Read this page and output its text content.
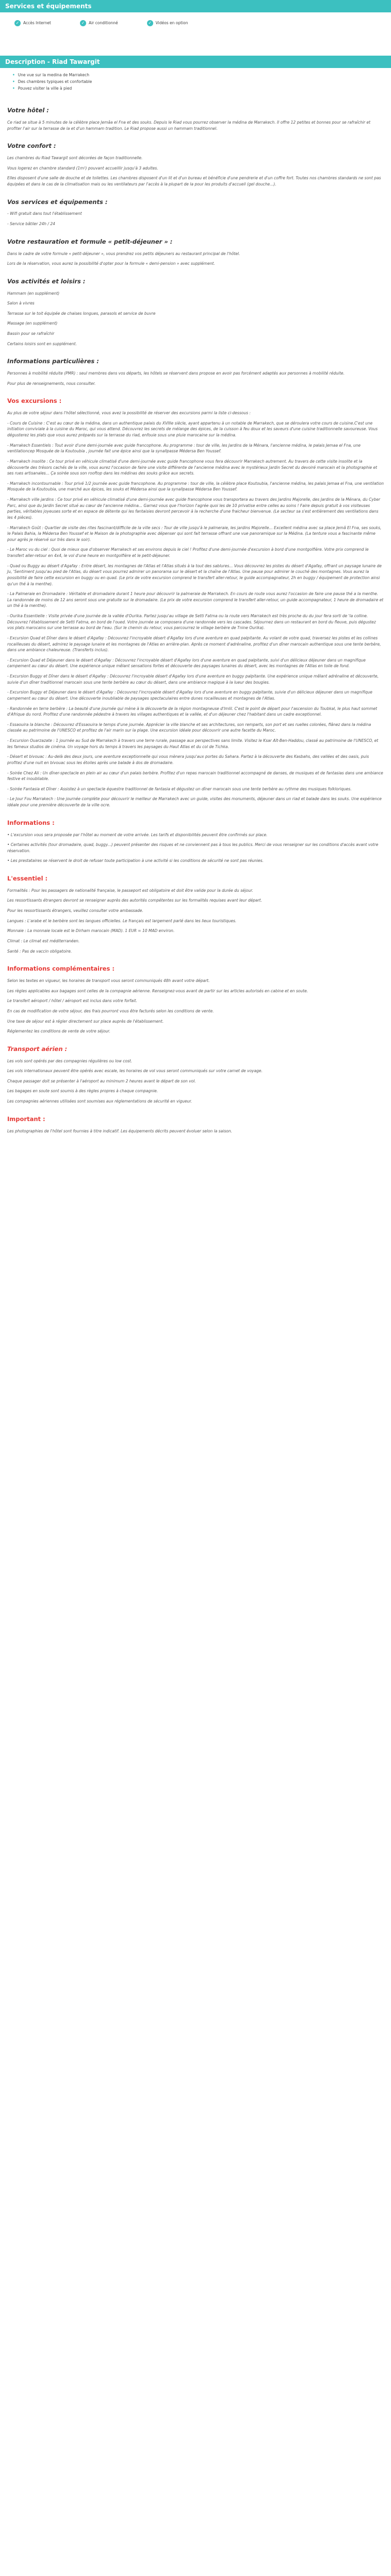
Services et équipements
✓	Accès Internet	✓	Air conditionné	✓	Vidéos en option
Description - Riad Tawargit
• Une vue sur la medina de Marrakech
• Des chambres typiques et confortable
• Pouvez visiter la ville à pied
Votre hôtel :

Ce riad se situe à 5 minutes de la célèbre place Jemâa el Fna et des souks. Depuis le Riad vous pourrez observer la médina de Marrakech. Il offre 12 petites et bonnes pour se rafraîchir et profiter l'air sur la terrasse de la et d'un hammam tradition. Le Riad propose aussi un hammam traditionnel.

Votre confort :

Les chambres du Riad Tawargit sont décorées de façon traditionnelle.

Vous logerez en chambre standard (1m²) pouvant accueillir jusqu'à 3 adultes.

Elles disposent d'une salle de douche et de toilettes. Les chambres disposent d'un lit et d'un bureau et bénéficie d'une pendrerie et d'un coffre fort. Toutes nos chambres standards ne sont pas équipées et dans le cas de la climatisation mais ou les ventilateurs par l'accès à la plupart de la pour les produits d'accueil (gel douche...).

Vos services et équipements :

- Wifi gratuit dans tout l'établissement

- Service bâtiler 24h / 24

Votre restauration et formule « petit-déjeuner » :

Dans le cadre de votre formule « petit-déjeuner », vous prendrez vos petits déjeuners au restaurant principal de l'hôtel.

Lors de la réservation, vous aurez la possibilité d'opter pour la formule « demi-pension » avec supplément.

Vos activités et loisirs :

Hammam (en supplément)

Salon à vivres

Terrasse sur le toit équipée de chaises longues, parasols et service de buvre

Massage (en supplément)

Bassin pour se rafraîchir

Certains loisirs sont en supplément.

Informations particulières :

Personnes à mobilité réduite (PMR) : seul membres dans vos départs, les hôtels se réservent dans propose en avoir pas forcément adaptés aux personnes à mobilité réduite.

Pour plus de renseignements, nous consulter.

Vos excursions :

Au plus de votre séjour dans l'hôtel sélectionné, vous avez la possibilité de réserver des excursions parmi la liste ci-dessous :

- Cours de Cuisine : C'est au cœur de la médina, dans un authentique palais du XVIIIe siècle, ayant appartenu à un notable de Marrakech, que se déroulera votre cours de cuisine.C'est une initiation conviviale à la cuisine du Maroc, qui vous attend. Découvrez les secrets de mélange des épices, de la cuisson à feu doux et les saveurs d'une cuisine traditionnelle savoureuse. Vous dégusterez les plats que vous aurez préparés sur la terrasse du riad, enfouie sous une pluie marocaine sur la médina.

- Marrakech Essentiels : Tout avoir d'une demi-journée avec guide francophone. Au programme : tour de ville, les Jardins de la Ménara, l'ancienne médina, le palais Jemaa el Fna, une ventilationcep Mosquée de la Koutoubia , journée fait une épice ainsi que la synallpasse Médersa Ben Youssef.

- Marrakech insolite : Ce tour privé en véhicule climatisé d'une demi-journée avec guide francophone vous fera découvrir Marrakech autrement. Au travers de cette visite insolite et la découverte des trésors cachés de la ville, vous aurez l'occasion de faire une visite différente de l'ancienne médina avec le mystérieux Jardin Secret du devoiré marocain et la photographie et ses rues artisanales... Ça soirée sous son rooftop dans les médinas des souks grâce aux secrets.

- Marrakech incontournable : Tour privé 1/2 journée avec guide francophone. Au programme : tour de ville, la célèbre place Koutoubia, l'ancienne médina, les palais Jemaa el Fna, une ventilation Mosquée de la Koutoubia, une marché aux épices, les souks et Médersa ainsi que la synallpasse Médersa Ben Youssef.

- Marrakech ville jardins : Ce tour privé en véhicule climatisé d'une demi-journée avec guide francophone vous transportera au travers des Jardins Majorelle, des Jardins de la Ménara, du Cyber Parc, ainsi que du Jardin Secret situé au cœur de l'ancienne médina... Garnez vous que l'horizon l'agrée quoi les de 10 privatise entre celles au soins ! Faire depuis gratuit à vos visiteuses parties, véritables joyeuses sorte et en espace de détente qui les fantaisies devront percevoir à la recherche d'une fraicheur bienvenue. (Le secteur sa s'est entièrement des ventilations dans les 4 pièces).

- Marrakech Goût : Quartier de visite des rites fascinant/difficile de la ville secs : Tour de ville jusqu'à le palmeraie, les jardins Majorelle... Excellent médina avec sa place Jemâ El Fna, ses souks, le Palais Bahia, la Médersa Ben Youssef et le Maison de la photographie avec dépenser qui sont fait terrasse offrant une vue panoramique sur la Médina. (La tenture vous a fascinante même pour agrès je réservé sur très dans le soir).

- Le Maroc vu du ciel : Quoi de mieux que d'observer Marrakech et ses environs depuis le ciel ! Profitez d'une demi-journée d'excursion à bord d'une montgolfière. Votre prix comprend le transfert aller-retour en 4x4, le vol d'une heure en montgolfière et le petit-déjeuner.

- Quad ou Buggy au désert d'Agafay : Entre désert, les montagnes de l'Atlas et l'Atlas situés à la tout des sablures... Vous découvrez les pistes du désert d'Agafay, offrant un paysage lunaire de Ju, 'Sentiment jusqu'au pied de l'Atlas, du désert vous pourrez admirer un panorama sur le désert et la chaîne de l'Atlas. Une pause pour admirer le couché des montagnes. Vous aurez la possibilité de faire cette excursion en buggy ou en quad. (Le prix de votre excursion comprend le transfert aller-retour, le guide accompagnateur, 2h en buggy / équipement de protection ainsi qu'un thé à la menthe).

- La Palmeraie en Dromadaire : Véritable et dromadaire durant 1 heure pour découvrir la palmeraie de Marrakech. En cours de route vous aurez l'occasion de faire une pause thé a la menthe. La randonnée de moins de 12 ans seront sous une gratuite sur le dromadaire. (Le prix de votre excursion comprend le transfert aller-retour, un guide accompagnateur, 1 heure de dromadaire et un thé à la menthe).

- Ourika Essentielle : Visite privée d'une journée de la vallée d'Ourika. Partez jusqu'au village de Setti Fatma ou la route vers Marrakech est très proche du du jour fera sorti de 'la colline. Découvrez l'établissement de Setti Fatma, en bord de l'oued. Votre journée se composera d'une randonnée vers les cascades. Séjournez dans un restaurant en bord du fleuve, puis dégustez vos plats marocains sur une terrasse au bord de l'eau. (Sur le chemin du retour, vous parcourrez le village berbère de Tnine Ourika).

- Excursion Quad et Dîner dans le désert d'Agafay : Découvrez l'incroyable désert d'Agafay lors d'une aventure en quad palpitante. Au volant de votre quad, traversez les pistes et les collines rocailleuses du désert, admirez le paysage lunaire et les montagnes de l'Atlas en arrière-plan. Après ce moment d'adrénaline, profitez d'un dîner marocain authentique sous une tente berbère, dans une ambiance chaleureuse. (Transferts inclus).

- Excursion Quad et Déjeuner dans le désert d'Agafay : Découvrez l'incroyable désert d'Agafay lors d'une aventure en quad palpitante, suivi d'un délicieux déjeuner dans un magnifique campement au cœur du désert. Une expérience unique mêlant sensations fortes et découverte des paysages lunaires du désert, avec les montagnes de l'Atlas en toile de fond.

- Excursion Buggy et Dîner dans le désert d'Agafay : Découvrez l'incroyable désert d'Agafay lors d'une aventure en buggy palpitante. Une expérience unique mêlant adrénaline et découverte, suivie d'un dîner traditionnel marocain sous une tente berbère au cœur du désert, dans une ambiance magique à la lueur des bougies.

- Excursion Buggy et Déjeuner dans le désert d'Agafay : Découvrez l'incroyable désert d'Agafay lors d'une aventure en buggy palpitante, suivie d'un délicieux déjeuner dans un magnifique campement au cœur du désert. Une découverte inoubliable de paysages spectaculaires entre dunes rocailleuses et montagnes de l'Atlas.

- Randonnée en terre berbère : La beauté d'une journée qui mène à la découverte de la région montagneuse d'Imlil. C'est le point de départ pour l'ascension du Toubkal, le plus haut sommet d'Afrique du nord. Profitez d'une randonnée pédestre à travers les villages authentiques et la vallée, et d'un déjeuner chez l'habitant dans un cadre exceptionnel.

- Essaouira la blanche : Découvrez d'Essaouira le temps d'une journée. Apprécier la ville blanche et ses architectures, son remparts, son port et ses ruelles colorées, flânez dans la médina classée au patrimoine de l'UNESCO et profitez de l'air marin sur la plage. Une excursion idéale pour découvrir une autre facette du Maroc.

- Excursion Ouarzazate : 1 journée au Sud de Marrakech à travers une terre rurale, passage aux perspectives sans limite. Visitez le Ksar Aït-Ben-Haddou, classé au patrimoine de l'UNESCO, et les fameux studios de cinéma. Un voyage hors du temps à travers les paysages du Haut Atlas et du col de Tichka.

- Désert et bivouac : Au-delà des deux jours, une aventure exceptionnelle qui vous mènera jusqu'aux portes du Sahara. Partez à la découverte des Kasbahs, des vallées et des oasis, puis profitez d'une nuit en bivouac sous les étoiles après une balade à dos de dromadaire.

- Soirée Chez Ali : Un dîner-spectacle en plein air au cœur d'un palais berbère. Profitez d'un repas marocain traditionnel accompagné de danses, de musiques et de fantasias dans une ambiance festive et inoubliable.

- Soirée Fantasia et Dîner : Assistez à un spectacle équestre traditionnel de fantasia et dégustez un dîner marocain sous une tente berbère au rythme des musiques folkloriques.

- Le Jour Fou Marrakech : Une journée complète pour découvrir le meilleur de Marrakech avec un guide, visites des monuments, déjeuner dans un riad et balade dans les souks. Une expérience idéale pour une première découverte de la ville ocre.

Informations :

• L'excursion vous sera proposée par l'hôtel au moment de votre arrivée. Les tarifs et disponibilités peuvent être confirmés sur place.

• Certaines activités (tour dromadaire, quad, buggy...) peuvent présenter des risques et ne conviennent pas à tous les publics. Merci de vous renseigner sur les conditions d'accès avant votre réservation.

• Les prestataires se réservent le droit de refuser toute participation à une activité si les conditions de sécurité ne sont pas réunies.

L'essentiel :

Formalités : Pour les passagers de nationalité française, le passeport est obligatoire et doit être valide pour la durée du séjour.

Les ressortissants étrangers devront se renseigner auprès des autorités compétentes sur les formalités requises avant leur départ.

Pour les ressortissants étrangers, veuillez consulter votre ambassade.

Langues : L'arabe et le berbère sont les langues officielles. Le français est largement parlé dans les lieux touristiques.

Monnaie : La monnaie locale est le Dirham marocain (MAD). 1 EUR = 10 MAD environ.

Climat : Le climat est méditerranéen.

Santé : Pas de vaccin obligatoire.

Informations complémentaires :

Selon les textes en vigueur, les horaires de transport vous seront communiqués 48h avant votre départ.

Les règles applicables aux bagages sont celles de la compagnie aérienne. Renseignez-vous avant de partir sur les articles autorisés en cabine et en soute.

Le transfert aéroport / hôtel / aéroport est inclus dans votre forfait.

En cas de modification de votre séjour, des frais pourront vous être facturés selon les conditions de vente.

Une taxe de séjour est à régler directement sur place auprès de l'établissement.

Réglementez les conditions de vente de votre séjour.

Transport aérien :

Les vols sont opérés par des compagnies régulières ou low cost.

Les vols internationaux peuvent être opérés avec escale, les horaires de vol vous seront communiqués sur votre carnet de voyage.

Chaque passager doit se présenter à l'aéroport au minimum 2 heures avant le départ de son vol.

Les bagages en soute sont soumis à des règles propres à chaque compagnie.

Les compagnies aériennes utilisées sont soumises aux réglementations de sécurité en vigueur.

Important :

Les photographies de l'hôtel sont fournies à titre indicatif. Les équipements décrits peuvent évoluer selon la saison.
